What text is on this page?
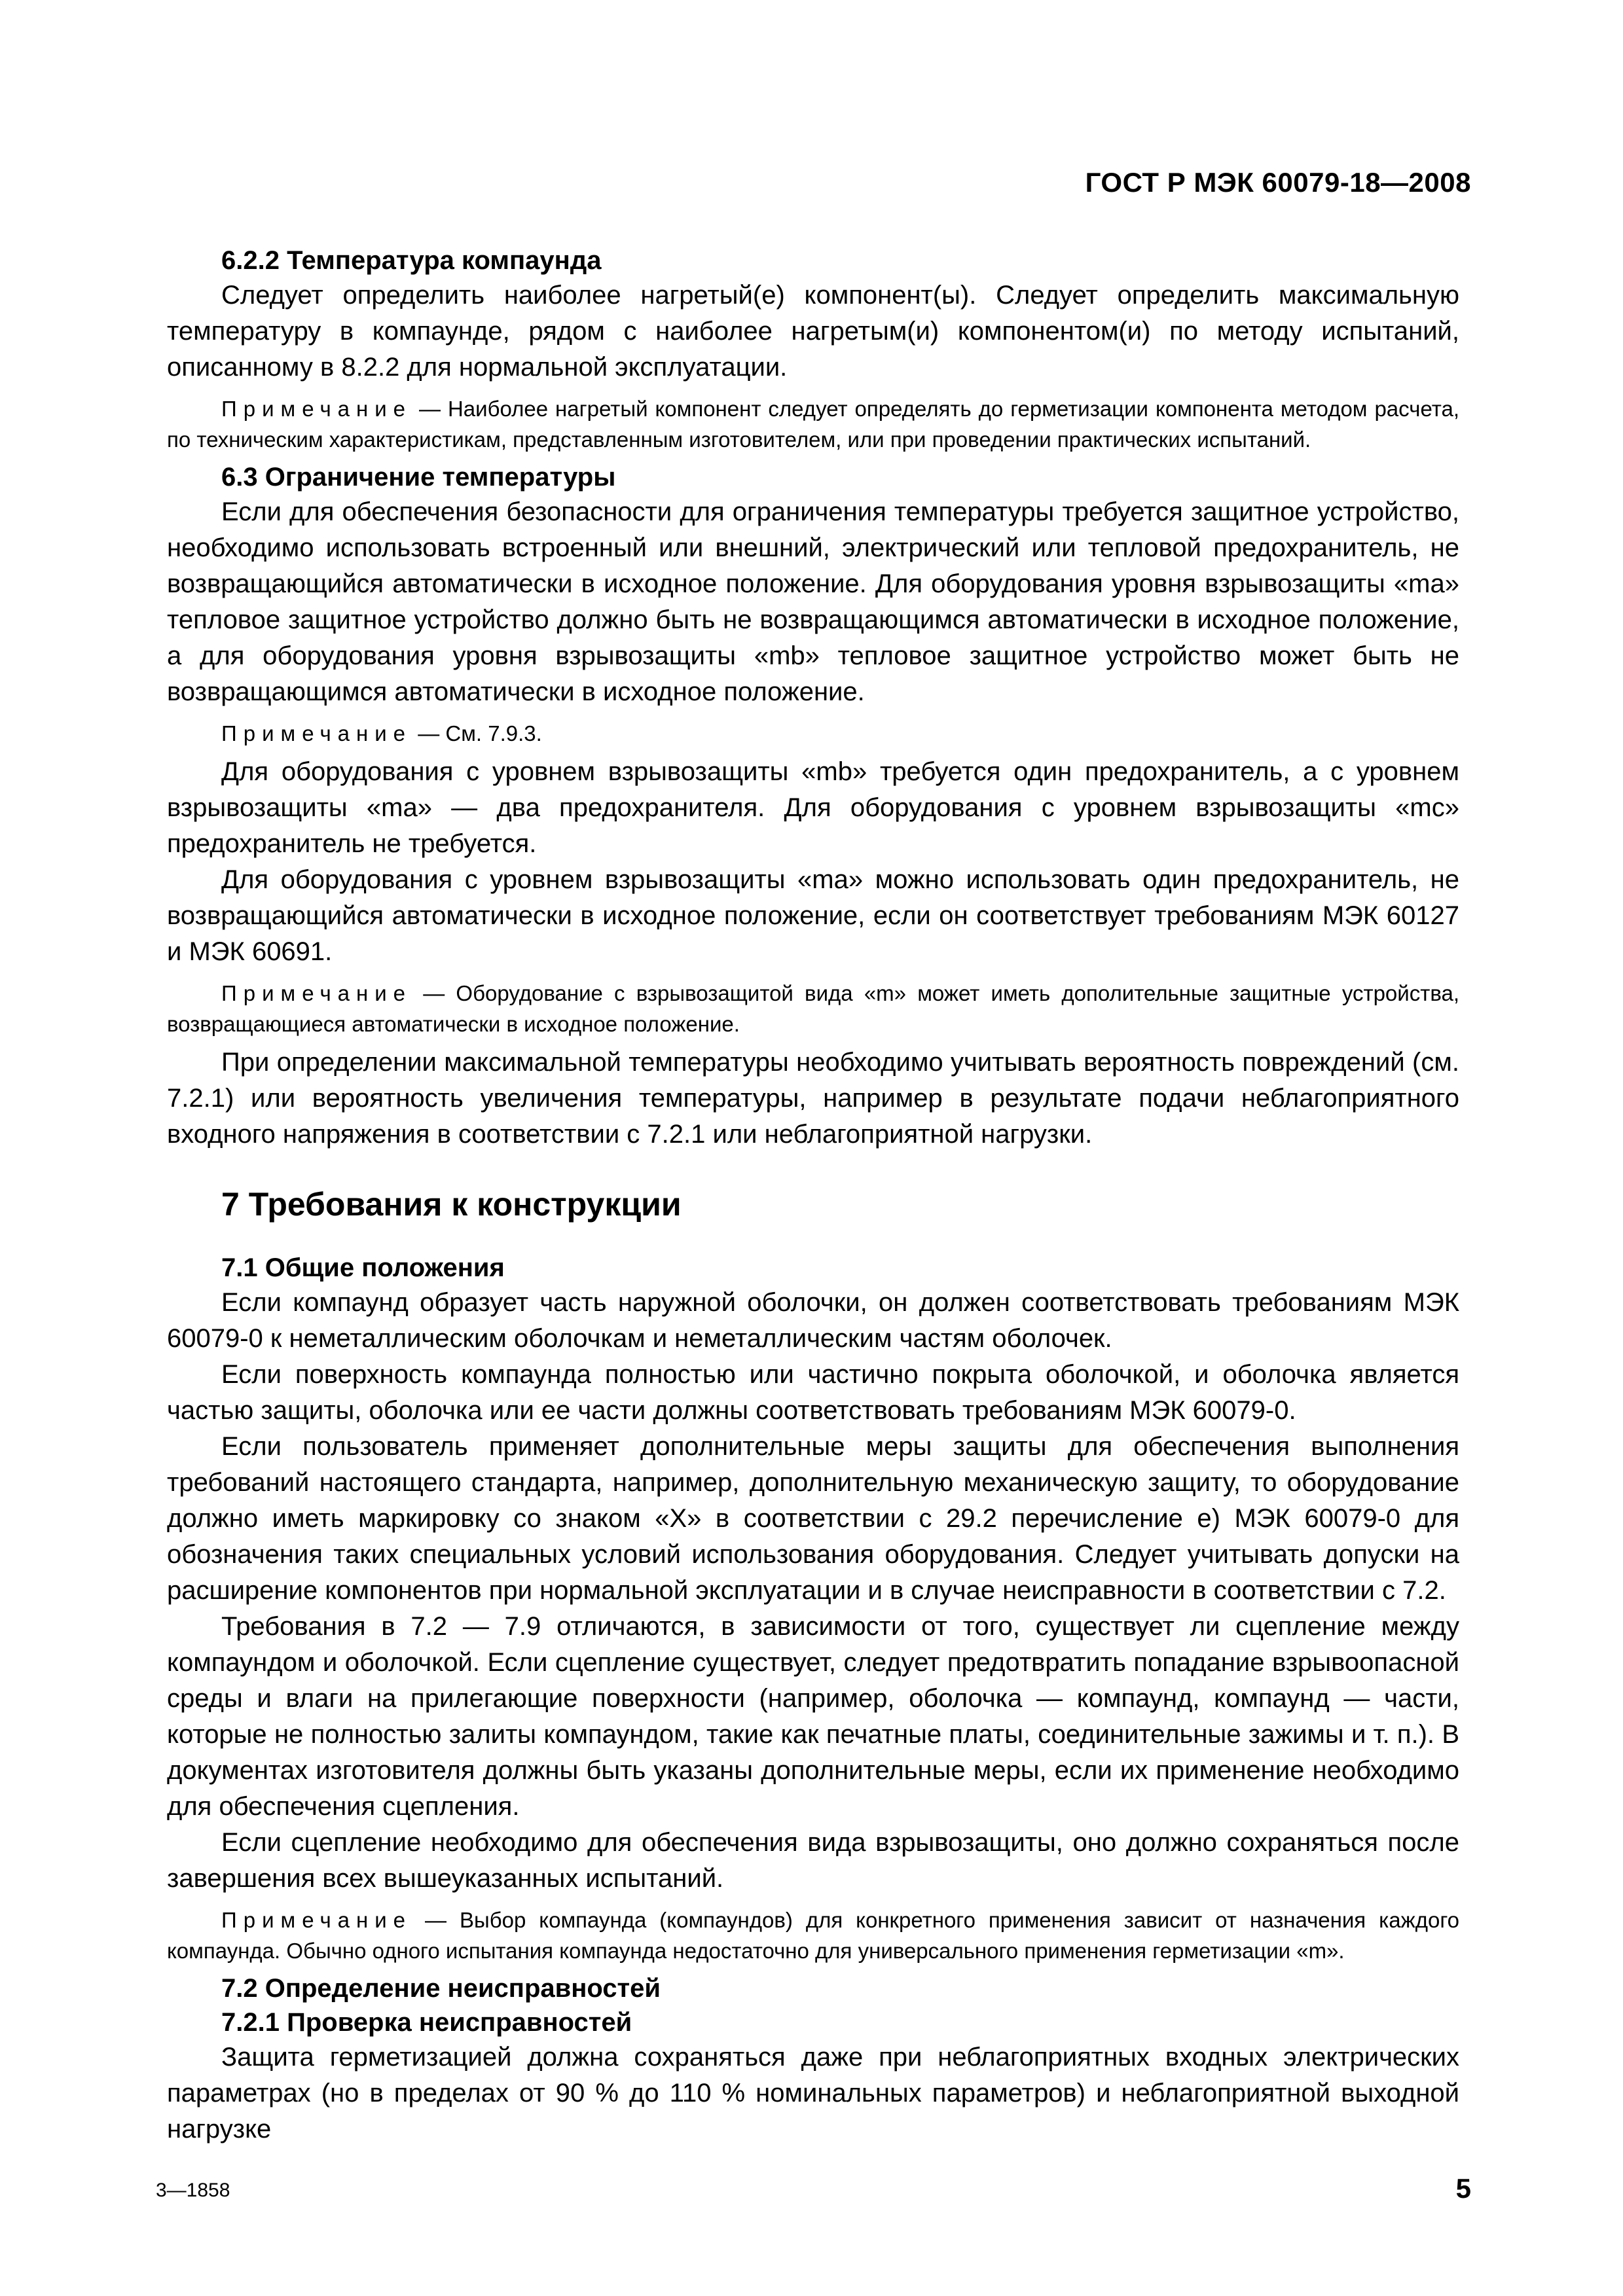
ГОСТ Р МЭК 60079-18—2008
6.2.2 Температура компаунда

Следует определить наиболее нагретый(е) компонент(ы). Следует определить максимальную температуру в компаунде, рядом с наиболее нагретым(и) компонентом(и) по методу испытаний, описанному в 8.2.2 для нормальной эксплуатации.

Примечание — Наиболее нагретый компонент следует определять до герметизации компонента методом расчета, по техническим характеристикам, представленным изготовителем, или при проведении практических испытаний.

6.3 Ограничение температуры

Если для обеспечения безопасности для ограничения температуры требуется защитное устройство, необходимо использовать встроенный или внешний, электрический или тепловой предохранитель, не возвращающийся автоматически в исходное положение. Для оборудования уровня взрывозащиты «ma» тепловое защитное устройство должно быть не возвращающимся автоматически в исходное положение, а для оборудования уровня взрывозащиты «mb» тепловое защитное устройство может быть не возвращающимся автоматически в исходное положение.

Примечание — См. 7.9.3.

Для оборудования с уровнем взрывозащиты «mb» требуется один предохранитель, а с уровнем взрывозащиты «ma» — два предохранителя. Для оборудования с уровнем взрывозащиты «mc» предохранитель не требуется.

Для оборудования с уровнем взрывозащиты «ma» можно использовать один предохранитель, не возвращающийся автоматически в исходное положение, если он соответствует требованиям МЭК 60127 и МЭК 60691.

Примечание — Оборудование с взрывозащитой вида «m» может иметь дополительные защитные устройства, возвращающиеся автоматически в исходное положение.

При определении максимальной температуры необходимо учитывать вероятность повреждений (см. 7.2.1) или вероятность увеличения температуры, например в результате подачи неблагоприятного входного напряжения в соответствии с 7.2.1 или неблагоприятной нагрузки.

7 Требования к конструкции
7.1 Общие положения

Если компаунд образует часть наружной оболочки, он должен соответствовать требованиям МЭК 60079-0 к неметаллическим оболочкам и неметаллическим частям оболочек.

Если поверхность компаунда полностью или частично покрыта оболочкой, и оболочка является частью защиты, оболочка или ее части должны соответствовать требованиям МЭК 60079-0.

Если пользователь применяет дополнительные меры защиты для обеспечения выполнения требований настоящего стандарта, например, дополнительную механическую защиту, то оборудование должно иметь маркировку со знаком «X» в соответствии с 29.2 перечисление е) МЭК 60079-0 для обозначения таких специальных условий использования оборудования. Следует учитывать допуски на расширение компонентов при нормальной эксплуатации и в случае неисправности в соответствии с 7.2.

Требования в 7.2 — 7.9 отличаются, в зависимости от того, существует ли сцепление между компаундом и оболочкой. Если сцепление существует, следует предотвратить попадание взрывоопасной среды и влаги на прилегающие поверхности (например, оболочка — компаунд, компаунд — части, которые не полностью залиты компаундом, такие как печатные платы, соединительные зажимы и т. п.). В документах изготовителя должны быть указаны дополнительные меры, если их применение необходимо для обеспечения сцепления.

Если сцепление необходимо для обеспечения вида взрывозащиты, оно должно сохраняться после завершения всех вышеуказанных испытаний.

Примечание — Выбор компаунда (компаундов) для конкретного применения зависит от назначения каждого компаунда. Обычно одного испытания компаунда недостаточно для универсального применения герметизации «m».

7.2 Определение неисправностей
7.2.1 Проверка неисправностей

Защита герметизацией должна сохраняться даже при неблагоприятных входных электрических параметрах (но в пределах от 90 % до 110 % номинальных параметров) и неблагоприятной выходной нагрузке

3—1858	5
